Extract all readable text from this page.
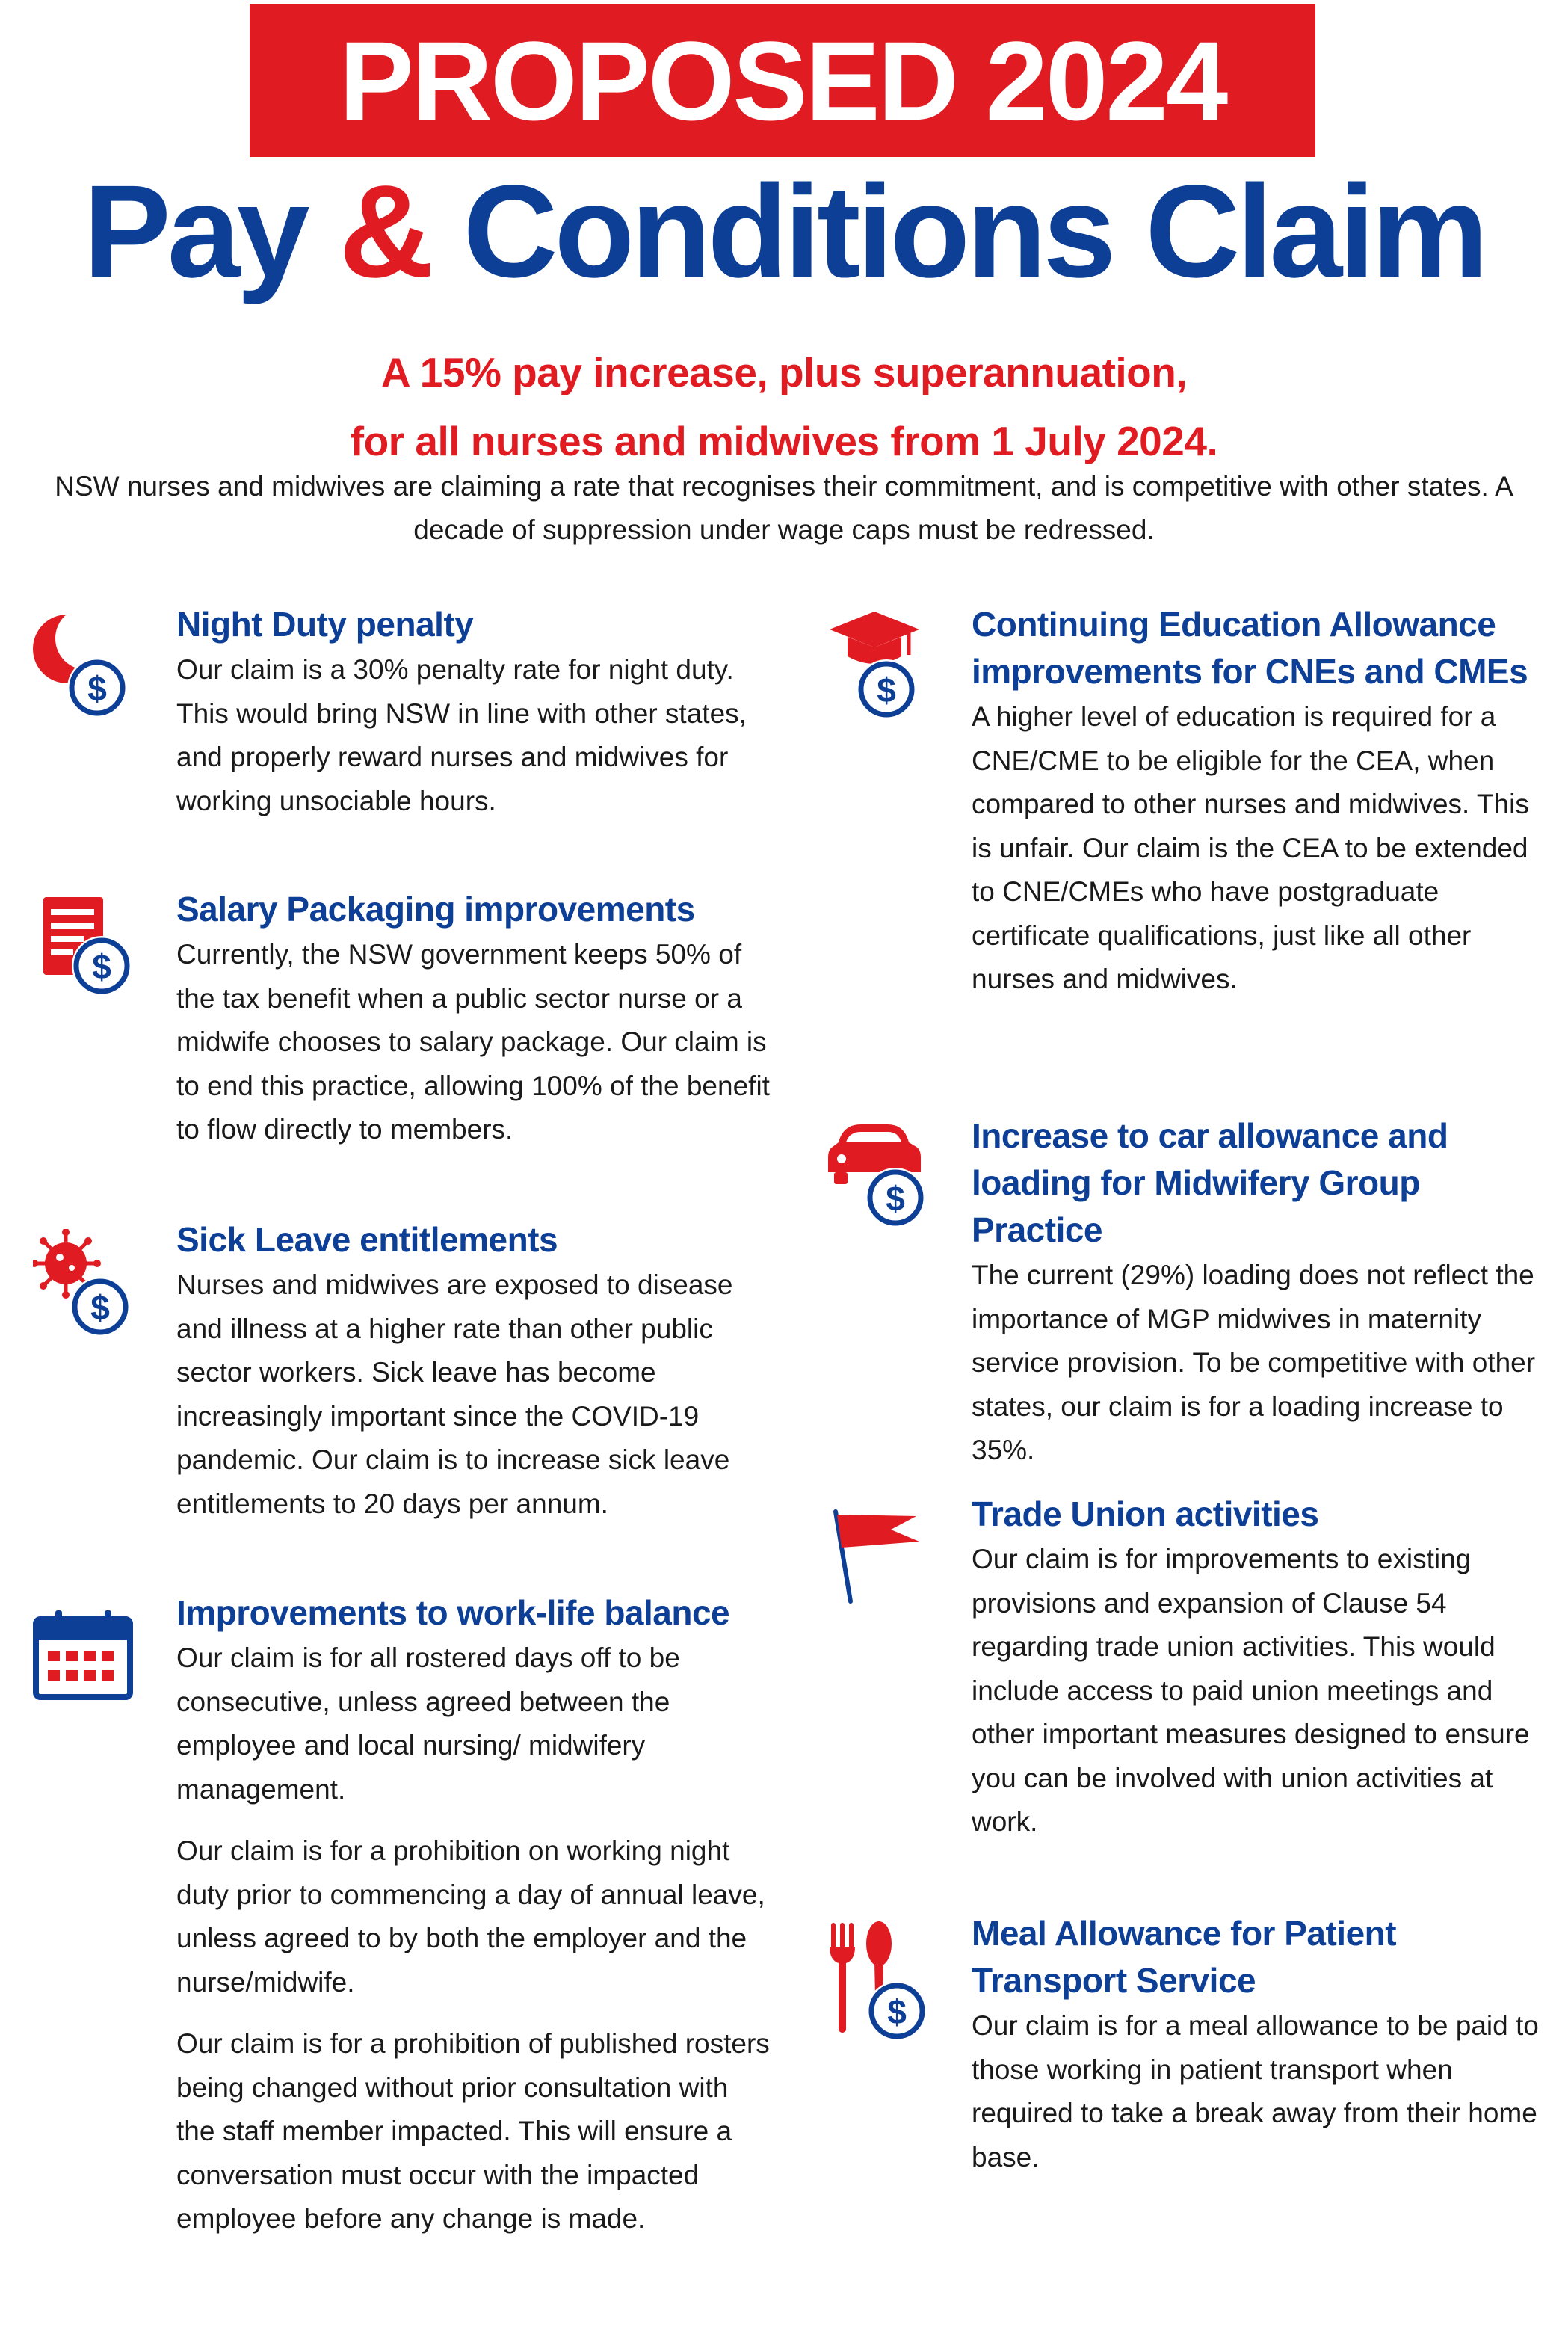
PROPOSED 2024
Pay & Conditions Claim
A 15% pay increase, plus superannuation,
for all nurses and midwives from 1 July 2024.
NSW nurses and midwives are claiming a rate that recognises their commitment, and is competitive with other states. A decade of suppression under wage caps must be redressed.
$
Night Duty penalty

Our claim is a 30% penalty rate for night duty. This would bring NSW in line with other states, and properly reward nurses and midwives for working unsociable hours.

$
Salary Packaging improvements

Currently, the NSW government keeps 50% of the tax benefit when a public sector nurse or a midwife chooses to salary package. Our claim is to end this practice, allowing 100% of the benefit to flow directly to members.

$
Sick Leave entitlements

Nurses and midwives are exposed to disease and illness at a higher rate than other public sector workers. Sick leave has become increasingly important since the COVID-19 pandemic. Our claim is to increase sick leave entitlements to 20 days per annum.

Improvements to work-life balance

Our claim is for all rostered days off to be consecutive, unless agreed between the employee and local nursing/ midwifery management.

Our claim is for a prohibition on working night duty prior to commencing a day of annual leave, unless agreed to by both the employer and the nurse/midwife.

Our claim is for a prohibition of published rosters being changed without prior consultation with the staff member impacted. This will ensure a conversation must occur with the impacted employee before any change is made.

$
Continuing Education Allowance improvements for CNEs and CMEs

A higher level of education is required for a CNE/CME to be eligible for the CEA, when compared to other nurses and midwives. This is unfair. Our claim is the CEA to be extended to CNE/CMEs who have postgraduate certificate qualifications, just like all other nurses and midwives.

$
Increase to car allowance and loading for Midwifery Group Practice

The current (29%) loading does not reflect the importance of MGP midwives in maternity service provision. To be competitive with other states, our claim is for a loading increase to 35%.

Trade Union activities

Our claim is for improvements to existing provisions and expansion of Clause 54 regarding trade union activities. This would include access to paid union meetings and other important measures designed to ensure you can be involved with union activities at work.

$
Meal Allowance for Patient Transport Service

Our claim is for a meal allowance to be paid to those working in patient transport when required to take a break away from their home base.
